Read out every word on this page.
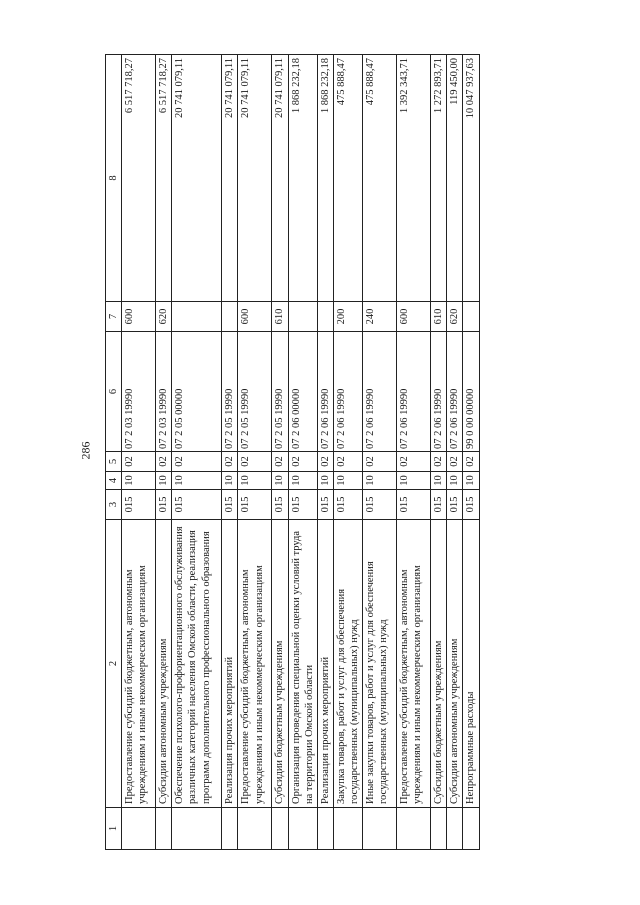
286
1	2	3	4	5	6	7	8
	Предоставление субсидий бюджетным, автономным учреждениям и иным некоммерческим организациям	015	10	02	07 2 03 19990	600	6 517 718,27
	Субсидии автономным учреждениям	015	10	02	07 2 03 19990	620	6 517 718,27
	Обеспечение психолого-профориентационного обслуживания различных категорий населения Омской области, реализация программ дополнительного профессионального образования	015	10	02	07 2 05 00000		20 741 079,11
	Реализация прочих мероприятий	015	10	02	07 2 05 19990		20 741 079,11
	Предоставление субсидий бюджетным, автономным учреждениям и иным некоммерческим организациям	015	10	02	07 2 05 19990	600	20 741 079,11
	Субсидии бюджетным учреждениям	015	10	02	07 2 05 19990	610	20 741 079,11
	Организация проведения специальной оценки условий труда на территории Омской области	015	10	02	07 2 06 00000		1 868 232,18
	Реализация прочих мероприятий	015	10	02	07 2 06 19990		1 868 232,18
	Закупка товаров, работ и услуг для обеспечения государственных (муниципальных) нужд	015	10	02	07 2 06 19990	200	475 888,47
	Иные закупки товаров, работ и услуг для обеспечения государственных (муниципальных) нужд	015	10	02	07 2 06 19990	240	475 888,47
	Предоставление субсидий бюджетным, автономным учреждениям и иным некоммерческим организациям	015	10	02	07 2 06 19990	600	1 392 343,71
	Субсидии бюджетным учреждениям	015	10	02	07 2 06 19990	610	1 272 893,71
	Субсидии автономным учреждениям	015	10	02	07 2 06 19990	620	119 450,00
	Непрограммные расходы	015	10	02	99 0 00 00000		10 047 937,63
